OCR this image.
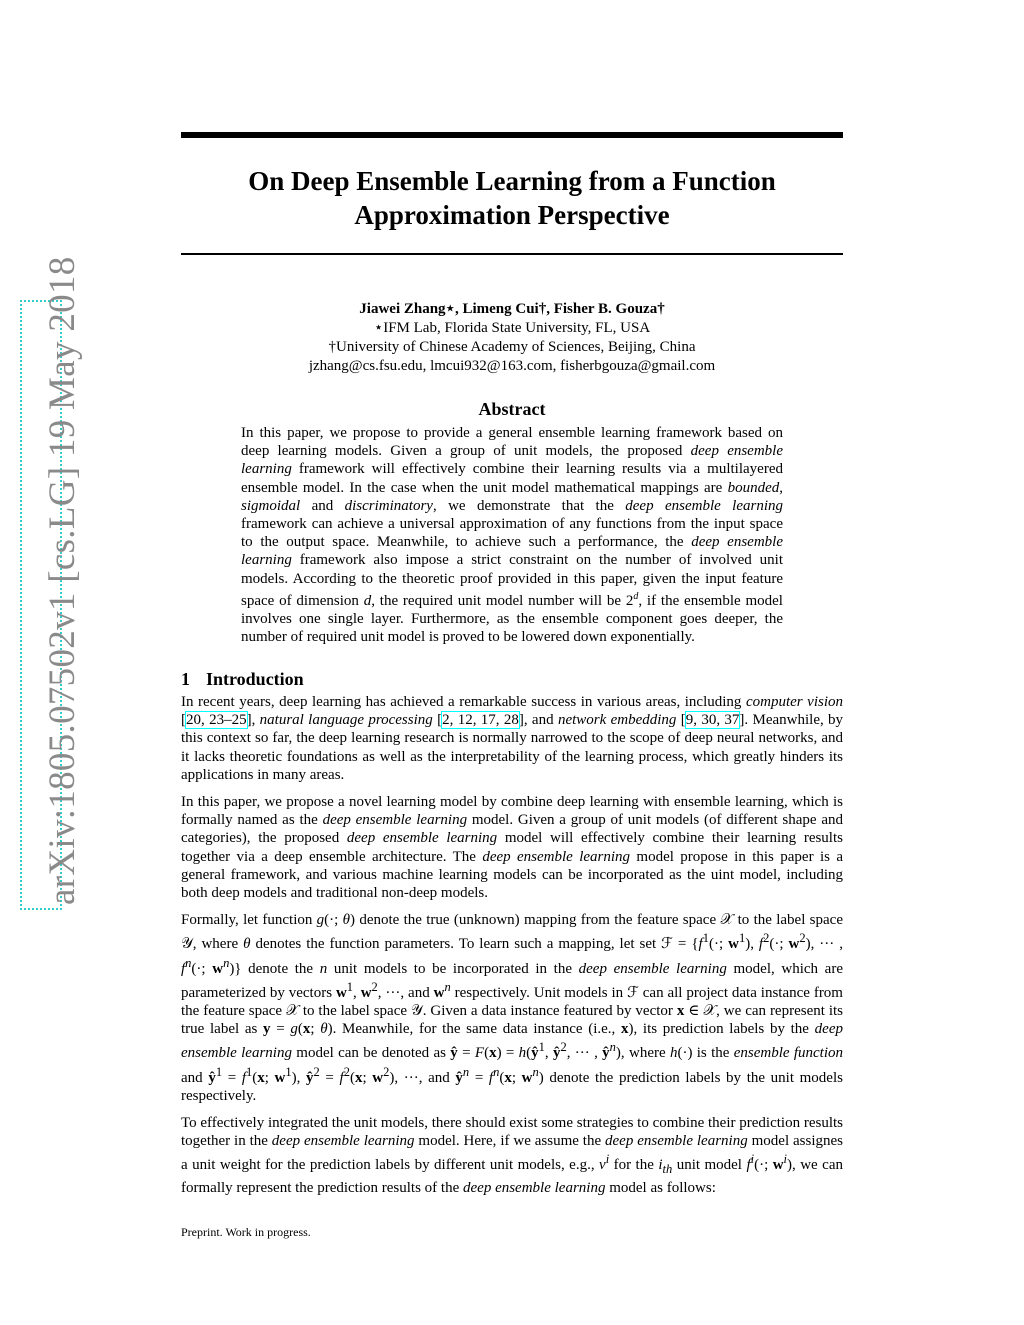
arXiv:1805.07502v1 [cs.LG] 19 May 2018
On Deep Ensemble Learning from a Function
Approximation Perspective
Jiawei Zhang⋆, Limeng Cui†, Fisher B. Gouza†
⋆IFM Lab, Florida State University, FL, USA
†University of Chinese Academy of Sciences, Beijing, China
jzhang@cs.fsu.edu, lmcui932@163.com, fisherbgouza@gmail.com
Abstract
In this paper, we propose to provide a general ensemble learning framework based on deep learning models. Given a group of unit models, the proposed deep ensemble learning framework will effectively combine their learning results via a multilayered ensemble model. In the case when the unit model mathematical mappings are bounded, sigmoidal and discriminatory, we demonstrate that the deep ensemble learning framework can achieve a universal approximation of any functions from the input space to the output space. Meanwhile, to achieve such a performance, the deep ensemble learning framework also impose a strict constraint on the number of involved unit models. According to the theoretic proof provided in this paper, given the input feature space of dimension d, the required unit model number will be 2$^d$, if the ensemble model involves one single layer. Furthermore, as the ensemble component goes deeper, the number of required unit model is proved to be lowered down exponentially.
1 Introduction

In recent years, deep learning has achieved a remarkable success in various areas, including computer vision [20, 23–25], natural language processing [2, 12, 17, 28], and network embedding [9, 30, 37]. Meanwhile, by this context so far, the deep learning research is normally narrowed to the scope of deep neural networks, and it lacks theoretic foundations as well as the interpretability of the learning process, which greatly hinders its applications in many areas.

In this paper, we propose a novel learning model by combine deep learning with ensemble learning, which is formally named as the deep ensemble learning model. Given a group of unit models (of different shape and categories), the proposed deep ensemble learning model will effectively combine their learning results together via a deep ensemble architecture. The deep ensemble learning model propose in this paper is a general framework, and various machine learning models can be incorporated as the uint model, including both deep models and traditional non-deep models.

Formally, let function g(·; θ) denote the true (unknown) mapping from the feature space 𝒳 to the label space 𝒴, where θ denotes the function parameters. To learn such a mapping, let set ℱ = {$f^1(\cdot$; $w^1$), $f^2(\cdot$; $w^2$), ··· , $f^n(\cdot$; $w^n$)} denote the n unit models to be incorporated in the deep ensemble learning model, which are parameterized by vectors $w^1$, $w^2$, ···, and $w^n$ respectively. Unit models in ℱ can all project data instance from the feature space 𝒳 to the label space 𝒴. Given a data instance featured by vector x ∈ 𝒳, we can represent its true label as y = g(x; θ). Meanwhile, for the same data instance (i.e., x), its prediction labels by the deep ensemble learning model can be denoted as ŷ = $F(x) = h(ŷ^1$, $ŷ^2$, ··· , $ŷ^n$), where h(·) is the ensemble function and $ŷ^1 = f^1(x$; $w^1$), $ŷ^2 = f^2(x$; $w^2$), ···, and $ŷ^n = f^n(x$; $w^n$) denote the prediction labels by the unit models respectively.

To effectively integrated the unit models, there should exist some strategies to combine their prediction results together in the deep ensemble learning model. Here, if we assume the deep ensemble learning model assignes a unit weight for the prediction labels by different unit models, e.g., $v^i$ for the $i_{th}$ unit model $f^i(\cdot$; $w^i$), we can formally represent the prediction results of the deep ensemble learning model as follows:

Preprint. Work in progress.
